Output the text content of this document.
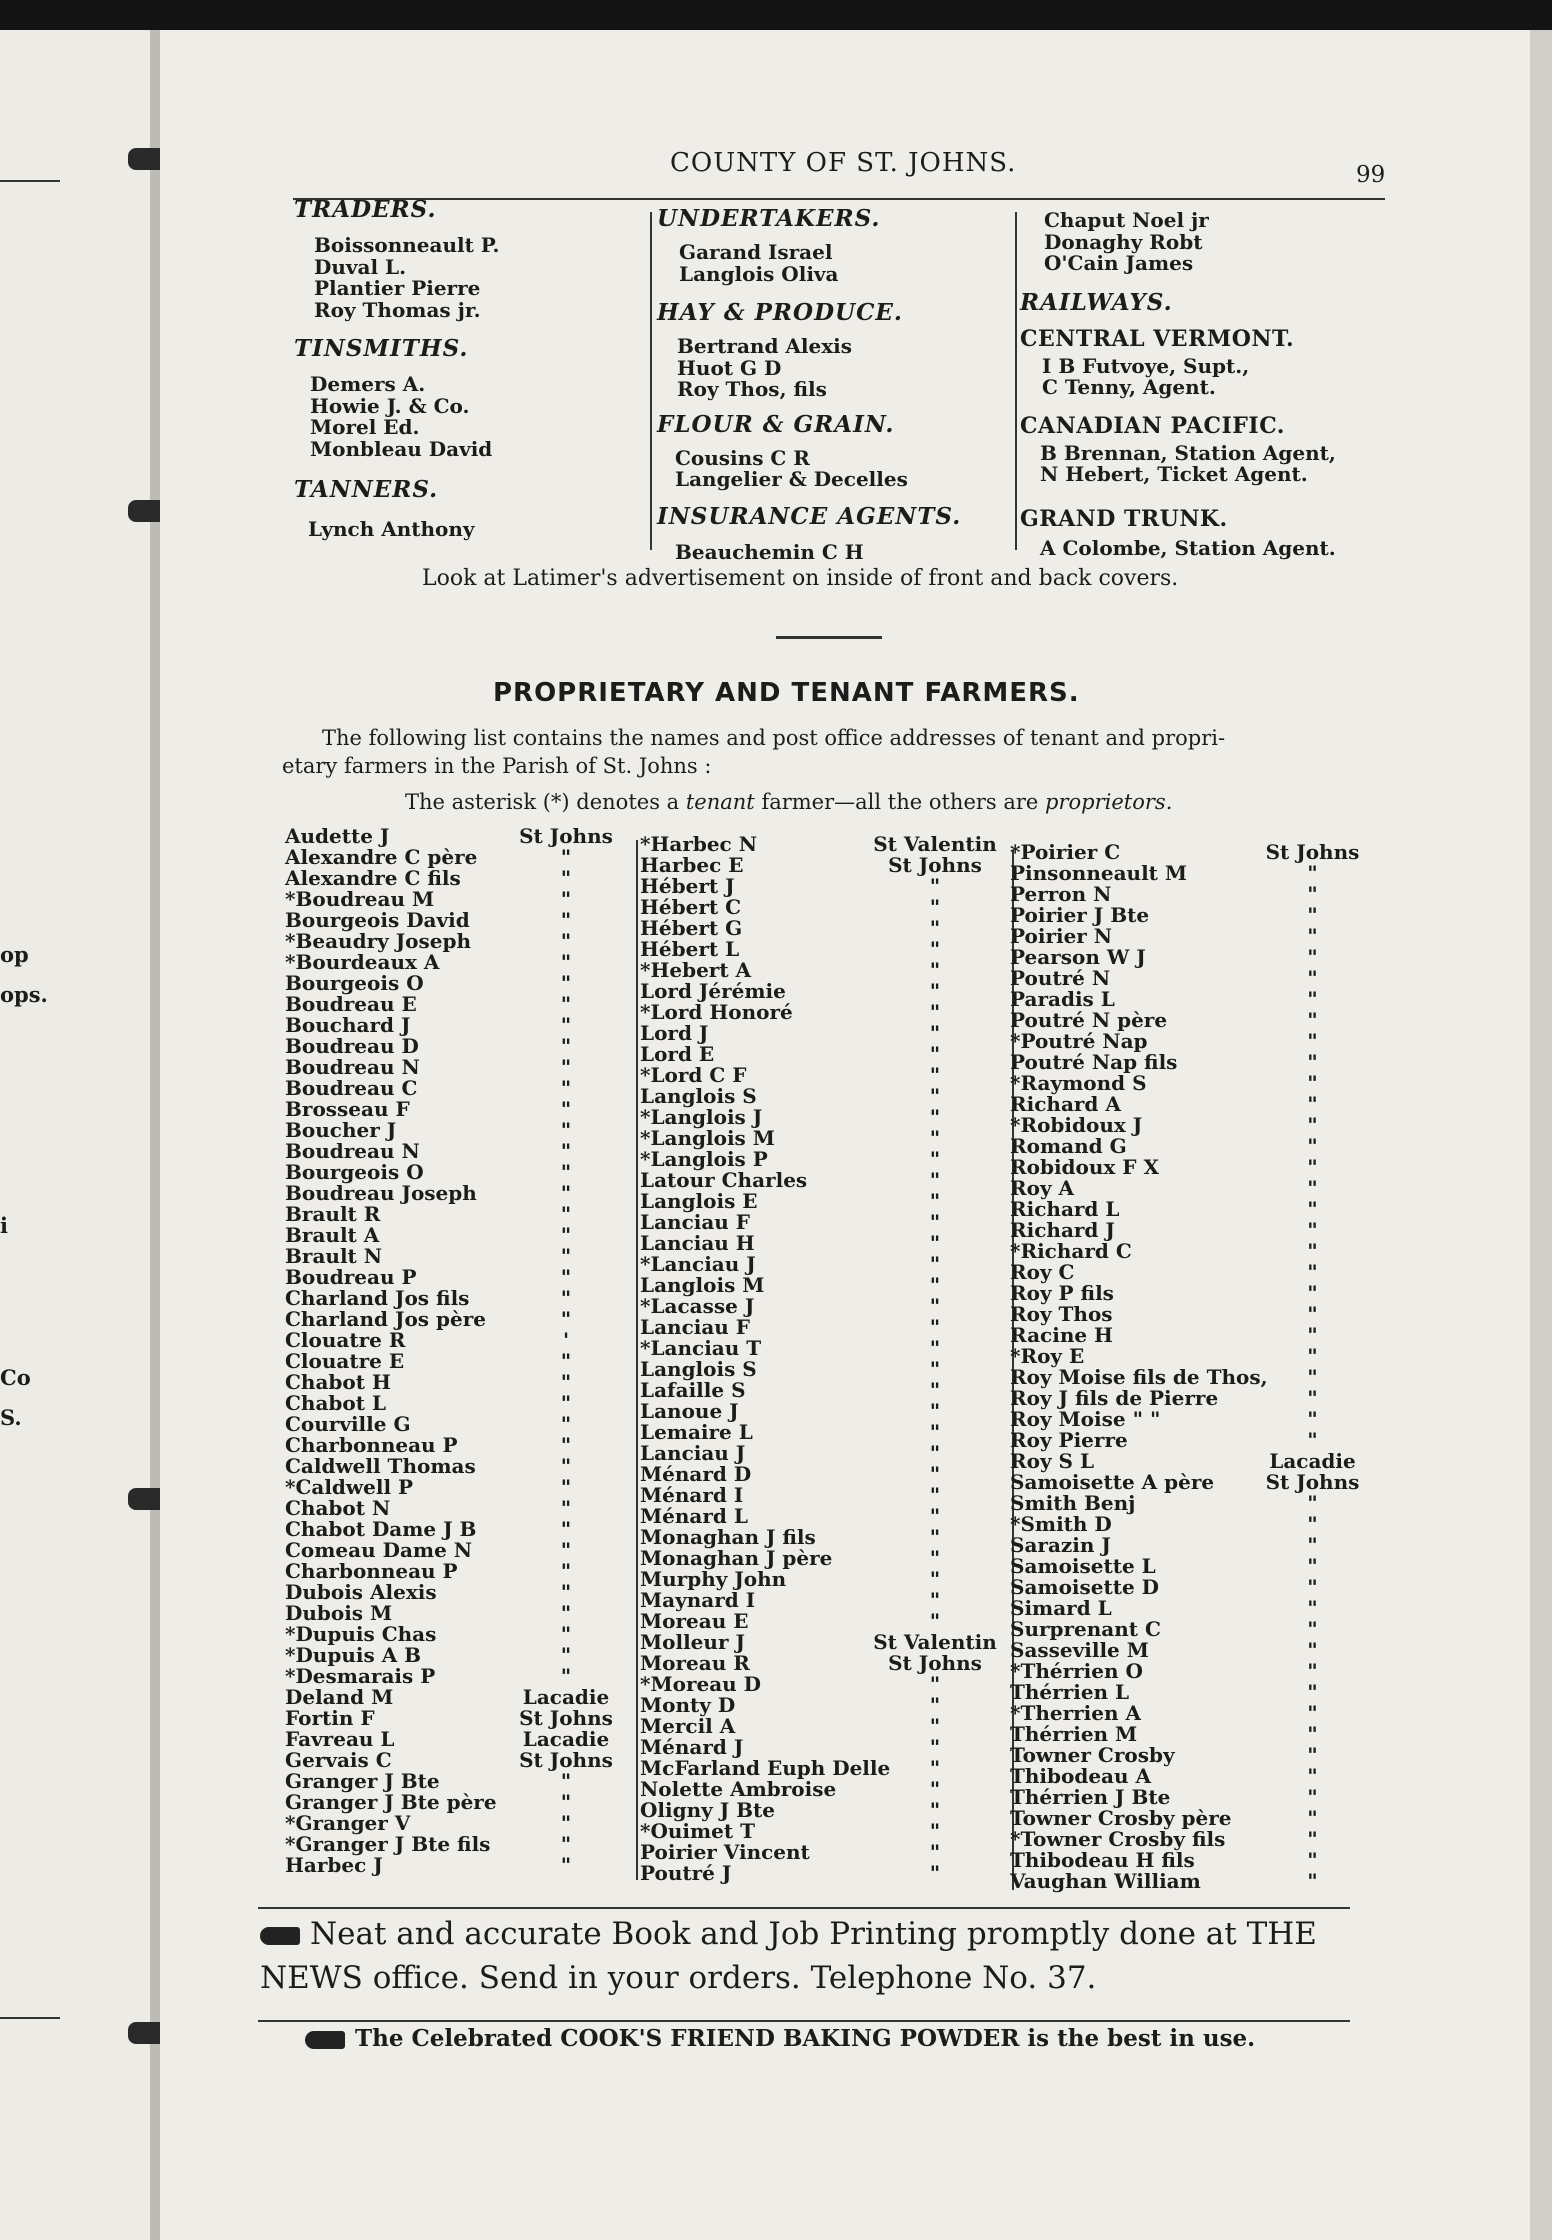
op
ops.
i
Co
S.
COUNTY OF ST. JOHNS.	99
TRADERS.
Boissonneault P.
Duval L.
Plantier Pierre
Roy Thomas jr.
TINSMITHS.
Demers A.
Howie J. & Co.
Morel Ed.
Monbleau David
TANNERS.
Lynch Anthony
UNDERTAKERS.
Garand Israel
Langlois Oliva
HAY & PRODUCE.
Bertrand Alexis
Huot G D
Roy Thos, fils
FLOUR & GRAIN.
Cousins C R
Langelier & Decelles
INSURANCE AGENTS.
Beauchemin C H
Chaput Noel jr
Donaghy Robt
O'Cain James
RAILWAYS.
CENTRAL VERMONT.
I B Futvoye, Supt.,
C Tenny, Agent.
CANADIAN PACIFIC.
B Brennan, Station Agent,
N Hebert, Ticket Agent.
GRAND TRUNK.
A Colombe, Station Agent.
Look at Latimer's advertisement on inside of front and back covers.
PROPRIETARY AND TENANT FARMERS.
The following list contains the names and post office addresses of tenant and propri-
etary farmers in the Parish of St. Johns :
The asterisk (*) denotes a tenant farmer—all the others are proprietors.
Audette J
Alexandre C père
Alexandre C fils
*Boudreau M
Bourgeois David
*Beaudry Joseph
*Bourdeaux A
Bourgeois O
Boudreau E
Bouchard J
Boudreau D
Boudreau N
Boudreau C
Brosseau F
Boucher J
Boudreau N
Bourgeois O
Boudreau Joseph
Brault R
Brault A
Brault N
Boudreau P
Charland Jos fils
Charland Jos père
Clouatre R
Clouatre E
Chabot H
Chabot L
Courville G
Charbonneau P
Caldwell Thomas
*Caldwell P
Chabot N
Chabot Dame J B
Comeau Dame N
Charbonneau P
Dubois Alexis
Dubois M
*Dupuis Chas
*Dupuis A B
*Desmarais P
Deland M
Fortin F
Favreau L
Gervais C
Granger J Bte
Granger J Bte père
*Granger V
*Granger J Bte fils
Harbec J
St Johns
"
"
"
"
"
"
"
"
"
"
"
"
"
"
"
"
"
"
"
"
"
"
"
'
"
"
"
"
"
"
"
"
"
"
"
"
"
"
"
"
Lacadie
St Johns
Lacadie
St Johns
"
"
"
"
"
*Harbec N
Harbec E
Hébert J
Hébert C
Hébert G
Hébert L
*Hebert A
Lord Jérémie
*Lord Honoré
Lord J
Lord E
*Lord C F
Langlois S
*Langlois J
*Langlois M
*Langlois P
Latour Charles
Langlois E
Lanciau F
Lanciau H
*Lanciau J
Langlois M
*Lacasse J
Lanciau F
*Lanciau T
Langlois S
Lafaille S
Lanoue J
Lemaire L
Lanciau J
Ménard D
Ménard I
Ménard L
Monaghan J fils
Monaghan J père
Murphy John
Maynard I
Moreau E
Molleur J
Moreau R
*Moreau D
Monty D
Mercil A
Ménard J
McFarland Euph Delle
Nolette Ambroise
Oligny J Bte
*Ouimet T
Poirier Vincent
Poutré J
St Valentin
St Johns
"
"
"
"
"
"
"
"
"
"
"
"
"
"
"
"
"
"
"
"
"
"
"
"
"
"
"
"
"
"
"
"
"
"
"
"
St Valentin
St Johns
"
"
"
"
"
"
"
"
"
"
*Poirier C
Pinsonneault M
Perron N
Poirier J Bte
Poirier N
Pearson W J
Poutré N
Paradis L
Poutré N père
*Poutré Nap
Poutré Nap fils
*Raymond S
Richard A
*Robidoux J
Romand G
Robidoux F X
Roy A
Richard L
Richard J
*Richard C
Roy C
Roy P fils
Roy Thos
Racine H
*Roy E
Roy Moise fils de Thos,
Roy J fils de Pierre
Roy Moise " "
Roy Pierre
Roy S L
Samoisette A père
Smith Benj
*Smith D
Sarazin J
Samoisette L
Samoisette D
Simard L
Surprenant C
Sasseville M
*Thérrien O
Thérrien L
*Therrien A
Thérrien M
Towner Crosby
Thibodeau A
Thérrien J Bte
Towner Crosby père
*Towner Crosby fils
Thibodeau H fils
Vaughan William
St Johns
"
"
"
"
"
"
"
"
"
"
"
"
"
"
"
"
"
"
"
"
"
"
"
"
"
"
"
"
Lacadie
St Johns
"
"
"
"
"
"
"
"
"
"
"
"
"
"
"
"
"
"
"
Neat and accurate Book and Job Printing promptly done at THE
NEWS office. Send in your orders. Telephone No. 37.
The Celebrated COOK'S FRIEND BAKING POWDER is the best in use.
